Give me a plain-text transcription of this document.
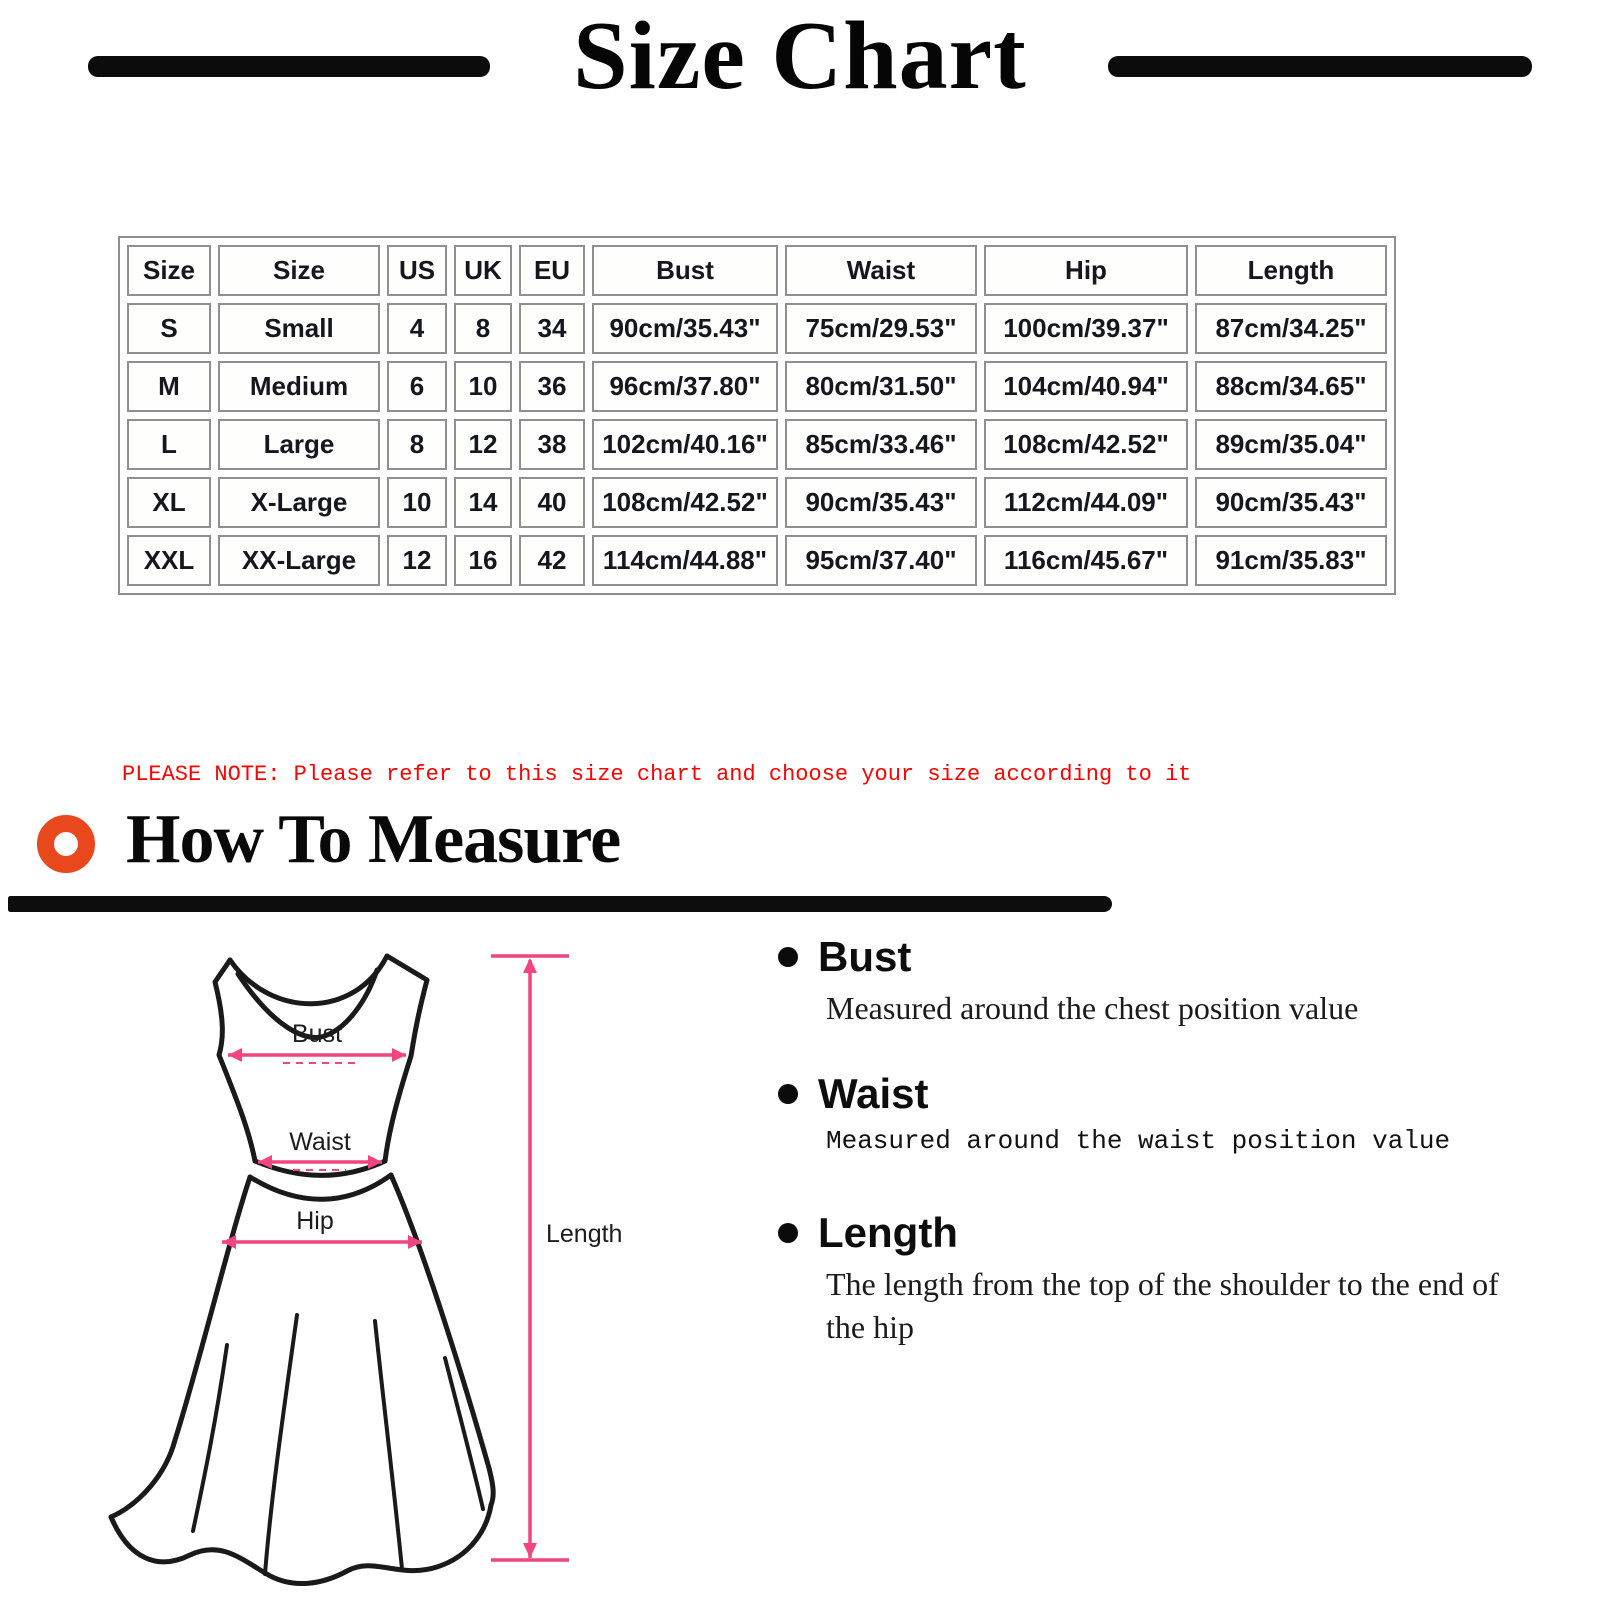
Size Chart
Size	Size	US	UK	EU	Bust	Waist	Hip	Length
S	Small	4	8	34	90cm/35.43"	75cm/29.53"	100cm/39.37"	87cm/34.25"
M	Medium	6	10	36	96cm/37.80"	80cm/31.50"	104cm/40.94"	88cm/34.65"
L	Large	8	12	38	102cm/40.16"	85cm/33.46"	108cm/42.52"	89cm/35.04"
XL	X-Large	10	14	40	108cm/42.52"	90cm/35.43"	112cm/44.09"	90cm/35.43"
XXL	XX-Large	12	16	42	114cm/44.88"	95cm/37.40"	116cm/45.67"	91cm/35.83"
PLEASE NOTE: Please refer to this size chart and choose your size according to it
How To Measure
Bust
Waist
Hip	Length
Bust
Measured around the chest position value
Waist
Measured around the waist position value
Length
The length from the top of the shoulder to the end of the hip
